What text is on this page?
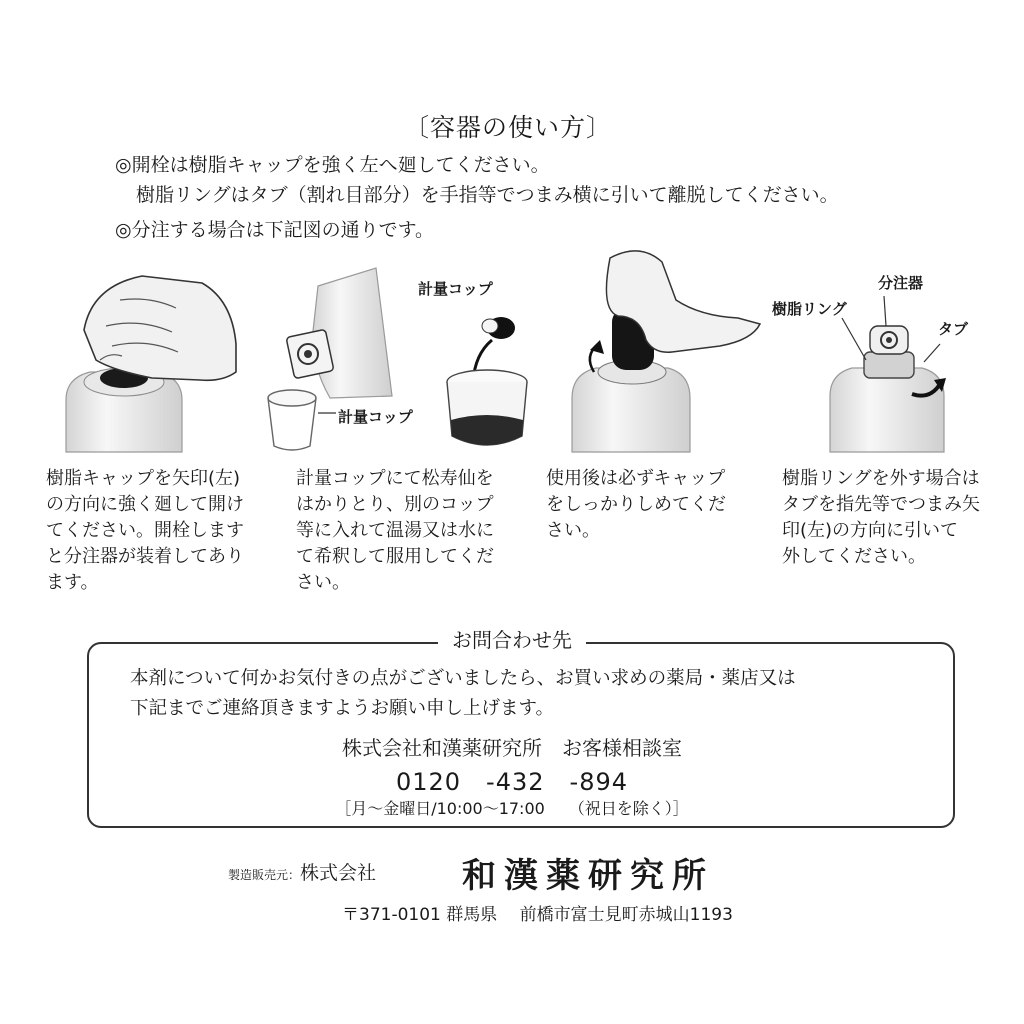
〔容器の使い方〕
◎開栓は樹脂キャップを強く左へ廻してください。
樹脂リングはタブ（割れ目部分）を手指等でつまみ横に引いて離脱してください。
◎分注する場合は下記図の通りです。
計量コップ
計量コップ
分注器
樹脂リング
タブ
樹脂キャップを矢印(左)
の方向に強く廻して開け
てください。開栓します
と分注器が装着してあり
ます。
計量コップにて松寿仙を
はかりとり、別のコップ
等に入れて温湯又は水に
て希釈して服用してくだ
さい。
使用後は必ずキャップ
をしっかりしめてくだ
さい。
樹脂リングを外す場合は
タブを指先等でつまみ矢
印(左)の方向に引いて
外してください。
お問合わせ先
本剤について何かお気付きの点がございましたら、お買い求めの薬局・薬店又は
下記までご連絡頂きますようお願い申し上げます。
株式会社和漢薬研究所　お客様相談室
0120　-432　-894
［月～金曜日/10:00～17:00　　（祝日を除く）］
製造販売元：株式会社	和漢薬研究所
〒371-0101 群馬県　 前橋市富士見町赤城山1193
